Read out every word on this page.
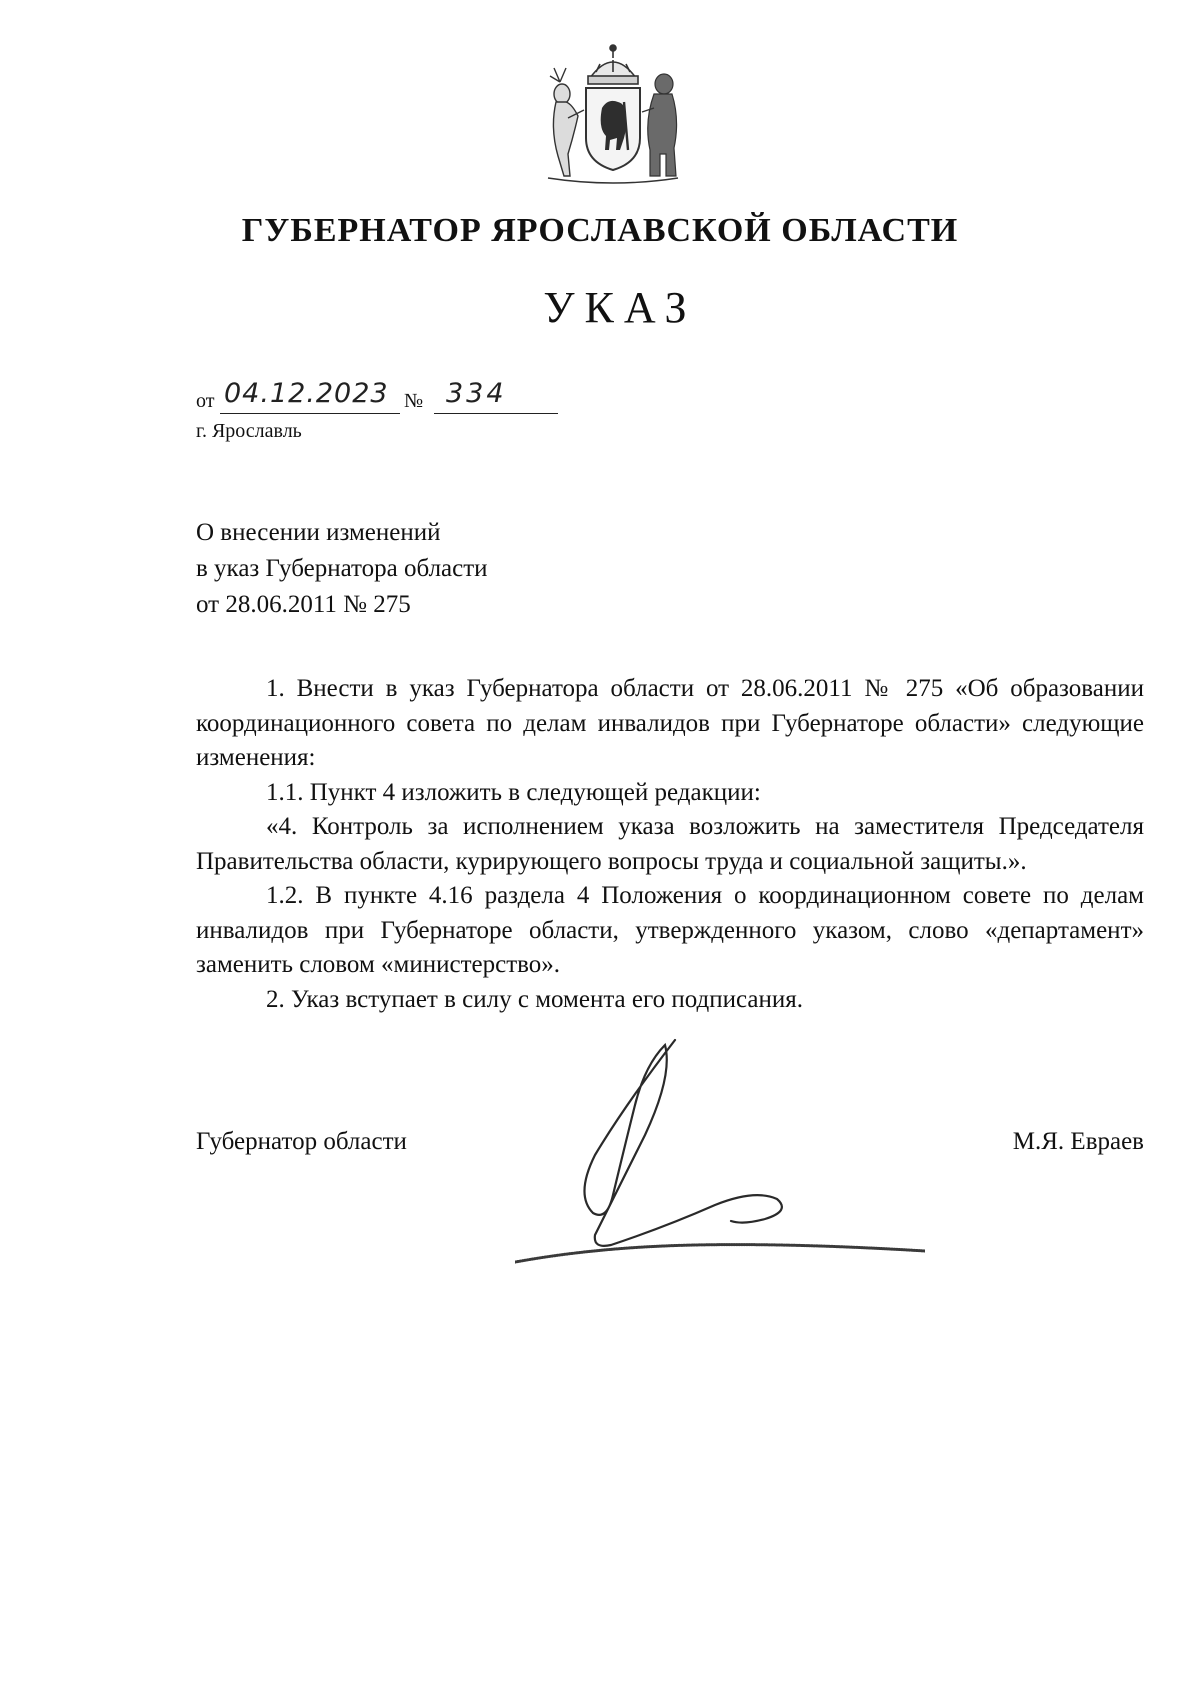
ГУБЕРНАТОР ЯРОСЛАВСКОЙ ОБЛАСТИ
УКАЗ
от 04.12.2023 № 334
г. Ярославль
О внесении изменений
в указ Губернатора области
от 28.06.2011 № 275

1. Внести в указ Губернатора области от 28.06.2011 № 275 «Об образовании координационного совета по делам инвалидов при Губернаторе области» следующие изменения:

1.1. Пункт 4 изложить в следующей редакции:

«4. Контроль за исполнением указа возложить на заместителя Председателя Правительства области, курирующего вопросы труда и социальной защиты.».

1.2. В пункте 4.16 раздела 4 Положения о координационном совете по делам инвалидов при Губернаторе области, утвержденного указом, слово «департамент» заменить словом «министерство».

2. Указ вступает в силу с момента его подписания.

Губернатор области	М.Я. Евраев
